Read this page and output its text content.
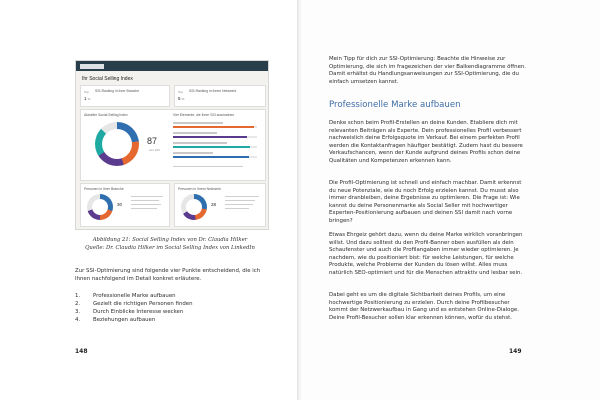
Ihr Social Selling Index
Top SSI-Ranking in Ihrer Branche
1 %
Top SSI-Ranking in Ihrem Netzwerk
5 %
Aktueller Social Selling Index
87
von 100
Vier Elemente, die Ihren SSI ausmachen
Personen in Ihrer Branche
30
Personen in Ihrem Netzwerk
28
Abbildung 21: Social Selling Index von Dr. Claudia Hilker
Quelle: Dr. Claudia Hilker im Social Selling Index von LinkedIn

Zur SSI-Optimierung sind folgende vier Punkte entscheidend, die ich Ihnen nachfolgend im Detail konkret erläutere.

1.	Professionelle Marke aufbauen
2.	Gezielt die richtigen Personen finden
3.	Durch Einblicke Interesse wecken
4.	Beziehungen aufbauen
148

Mein Tipp für dich zur SSI-Optimierung: Beachte die Hinweise zur Optimierung, die sich im fragezeichen der vier Balkendiagramme öffnen. Damit erhältst du Handlungsanweisungen zur SSI-Optimierung, die du einfach umsetzen kannst.

Professionelle Marke aufbauen

Denke schon beim Profil-Erstellen an deine Kunden. Etabliere dich mit relevanten Beiträgen als Experte. Dein professionelles Profil verbessert nachweislich deine Erfolgsquote im Verkauf. Bei einem perfekten Profil werden die Kontaktanfragen häufiger bestätigt. Zudem hast du bessere Verkaufschancen, wenn der Kunde aufgrund deines Profils schon deine Qualitäten und Kompetenzen erkennen kann.

Die Profil-Optimierung ist schnell und einfach machbar. Damit erkennst du neue Potenziale, wie du noch Erfolg erzielen kannst. Du musst also immer dranbleiben, deine Ergebnisse zu optimieren. Die Frage ist: Wie kannst du deine Personenmarke als Social Seller mit hochwertiger Experten-Positionierung aufbauen und deinen SSI damit nach vorne bringen?

Etwas Ehrgeiz gehört dazu, wenn du deine Marke wirklich voranbringen willst. Und dazu solltest du den Profil-Banner oben ausfüllen als dein Schaufenster und auch die Profilangaben immer wieder optimieren. Je nachdem, wie du positioniert bist: für welche Leistungen, für welche Produkte, welche Probleme der Kunden du lösen willst. Alles muss natürlich SEO-optimiert und für die Menschen attraktiv und lesbar sein.

Dabei geht es um die digitale Sichtbarkeit deines Profils, um eine hochwertige Positionierung zu erzielen. Durch deine Profilbesucher kommt der Netzwerkaufbau in Gang und es entstehen Online-Dialoge. Deine Profil-Besucher sollen klar erkennen können, wofür du stehst.

149
